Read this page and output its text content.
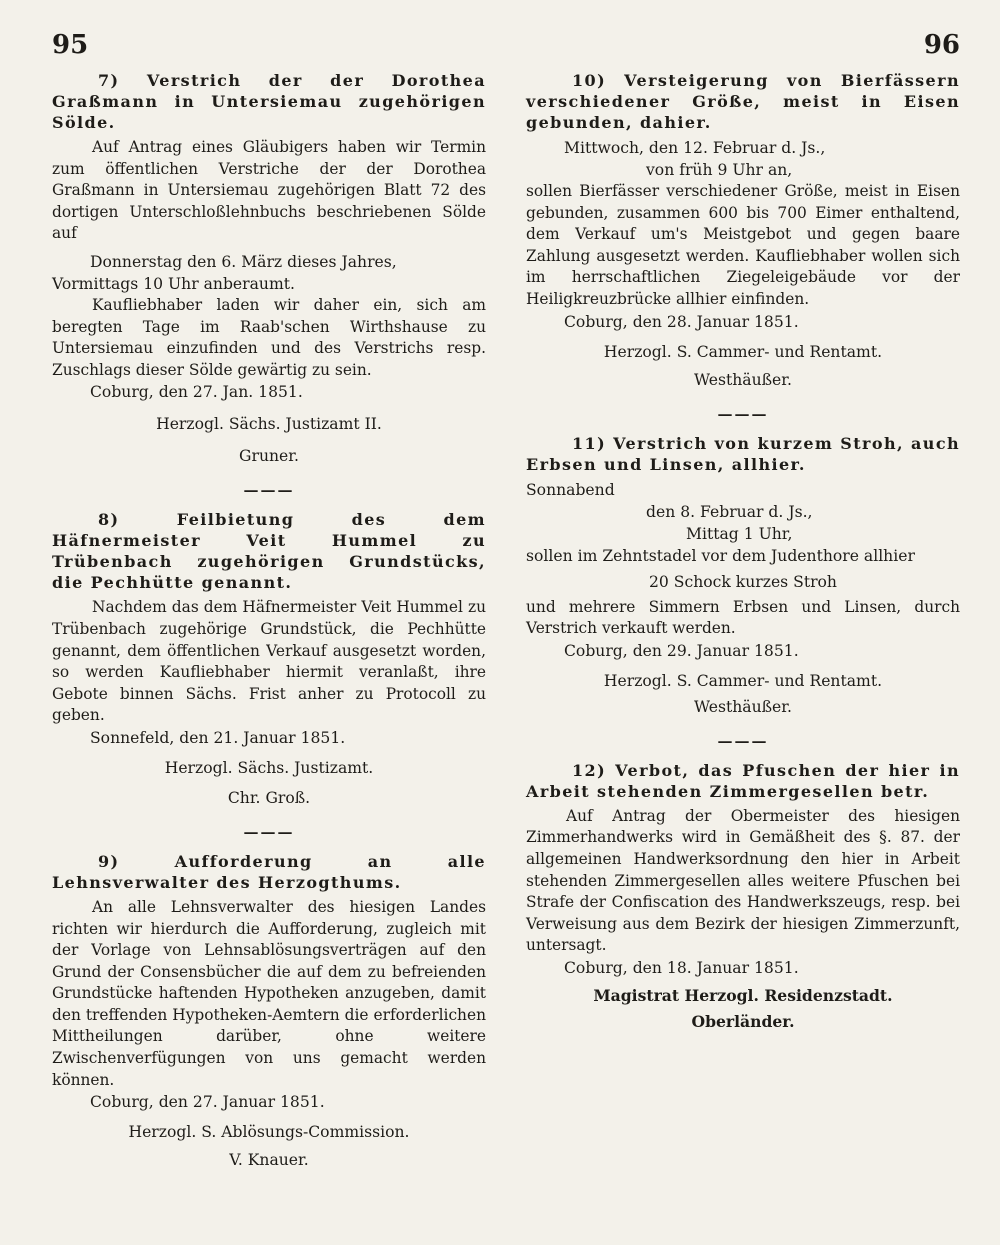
95	96

7) Verstrich der der Dorothea Graßmann in Untersiemau zugehörigen Sölde.

Auf Antrag eines Gläubigers haben wir Termin zum öffentlichen Verstriche der der Dorothea Graßmann in Untersiemau zugehörigen Blatt 72 des dortigen Unterschloßlehnbuchs beschriebenen Sölde auf

Donnerstag den 6. März dieses Jahres,

Vormittags 10 Uhr anberaumt.

Kaufliebhaber laden wir daher ein, sich am beregten Tage im Raab'schen Wirthshause zu Untersiemau einzufinden und des Verstrichs resp. Zuschlags dieser Sölde gewärtig zu sein.

Coburg, den 27. Jan. 1851.

Herzogl. Sächs. Justizamt II.

Gruner.

———

8) Feilbietung des dem Häfnermeister Veit Hummel zu Trübenbach zugehörigen Grundstücks, die Pechhütte genannt.

Nachdem das dem Häfnermeister Veit Hummel zu Trübenbach zugehörige Grundstück, die Pechhütte genannt, dem öffentlichen Verkauf ausgesetzt worden, so werden Kaufliebhaber hiermit veranlaßt, ihre Gebote binnen Sächs. Frist anher zu Protocoll zu geben.

Sonnefeld, den 21. Januar 1851.

Herzogl. Sächs. Justizamt.

Chr. Groß.

———

9) Aufforderung an alle Lehnsverwalter des Herzogthums.

An alle Lehnsverwalter des hiesigen Landes richten wir hierdurch die Aufforderung, zugleich mit der Vorlage von Lehnsablösungsverträgen auf den Grund der Consensbücher die auf dem zu befreienden Grundstücke haftenden Hypotheken anzugeben, damit den treffenden Hypotheken-Aemtern die erforderlichen Mittheilungen darüber, ohne weitere Zwischenverfügungen von uns gemacht werden können.

Coburg, den 27. Januar 1851.

Herzogl. S. Ablösungs-Commission.

V. Knauer.

10) Versteigerung von Bierfässern verschiedener Größe, meist in Eisen gebunden, dahier.

Mittwoch, den 12. Februar d. Js.,

von früh 9 Uhr an,

sollen Bierfässer verschiedener Größe, meist in Eisen gebunden, zusammen 600 bis 700 Eimer enthaltend, dem Verkauf um's Meistgebot und gegen baare Zahlung ausgesetzt werden. Kaufliebhaber wollen sich im herrschaftlichen Ziegeleigebäude vor der Heiligkreuzbrücke allhier einfinden.

Coburg, den 28. Januar 1851.

Herzogl. S. Cammer- und Rentamt.

Westhäußer.

———

11) Verstrich von kurzem Stroh, auch Erbsen und Linsen, allhier.

Sonnabend

den 8. Februar d. Js.,

Mittag 1 Uhr,

sollen im Zehntstadel vor dem Judenthore allhier

20 Schock kurzes Stroh

und mehrere Simmern Erbsen und Linsen, durch Verstrich verkauft werden.

Coburg, den 29. Januar 1851.

Herzogl. S. Cammer- und Rentamt.

Westhäußer.

———

12) Verbot, das Pfuschen der hier in Arbeit stehenden Zimmergesellen betr.

Auf Antrag der Obermeister des hiesigen Zimmerhandwerks wird in Gemäßheit des §. 87. der allgemeinen Handwerksordnung den hier in Arbeit stehenden Zimmergesellen alles weitere Pfuschen bei Strafe der Confiscation des Handwerkszeugs, resp. bei Verweisung aus dem Bezirk der hiesigen Zimmerzunft, untersagt.

Coburg, den 18. Januar 1851.

Magistrat Herzogl. Residenzstadt.

Oberländer.
